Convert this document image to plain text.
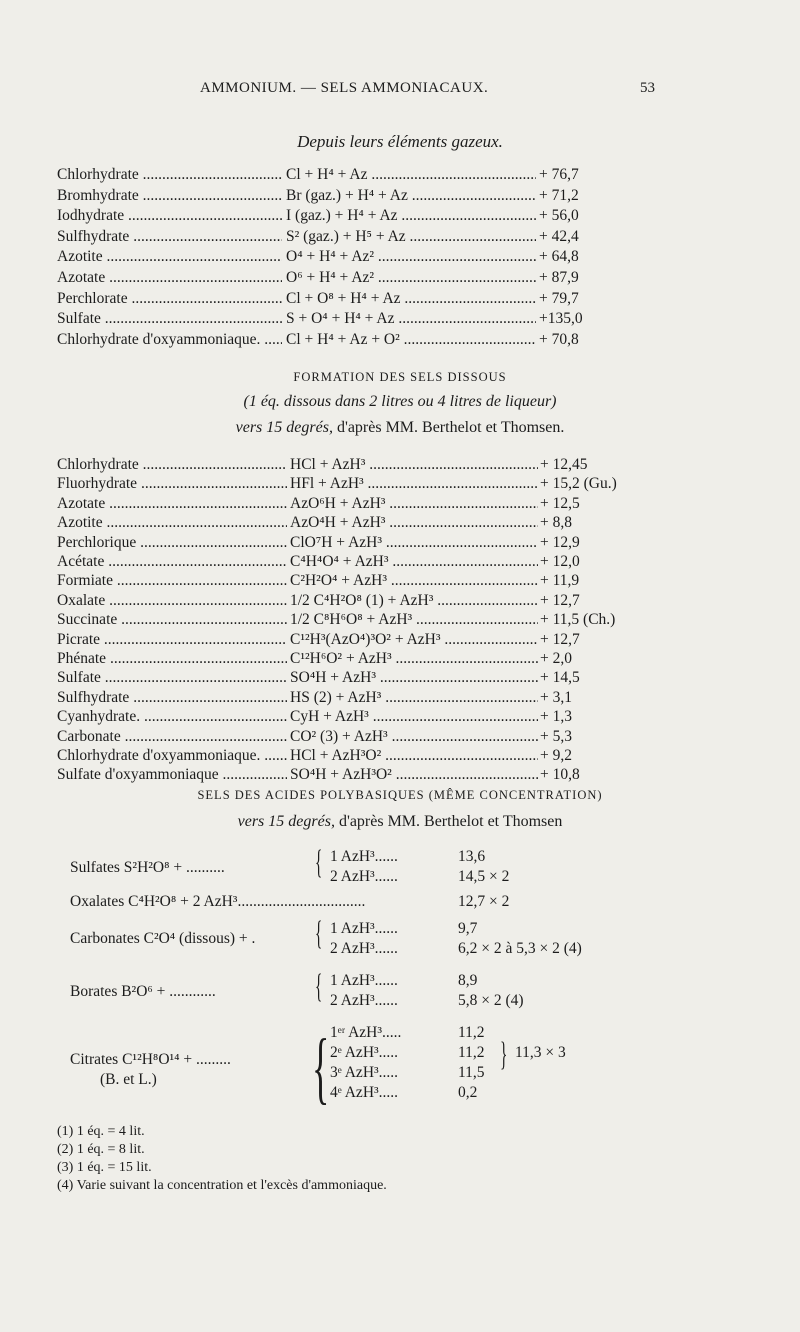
AMMONIUM. — SELS AMMONIACAUX.	53
Depuis leurs éléments gazeux.
Chlorhydrate .....	Cl + H⁴ + Az .....	+ 76,7
Bromhydrate .....	Br (gaz.) + H⁴ + Az .....	+ 71,2
Iodhydrate .....	I (gaz.) + H⁴ + Az .....	+ 56,0
Sulfhydrate .....	S² (gaz.) + H⁵ + Az .....	+ 42,4
Azotite .....	O⁴ + H⁴ + Az² .....	+ 64,8
Azotate .....	O⁶ + H⁴ + Az² .....	+ 87,9
Perchlorate .....	Cl + O⁸ + H⁴ + Az .....	+ 79,7
Sulfate .....	S + O⁴ + H⁴ + Az .....	+135,0
Chlorhydrate d'oxyammoniaque. .....	Cl + H⁴ + Az + O² .....	+ 70,8
FORMATION DES SELS DISSOUS
(1 éq. dissous dans 2 litres ou 4 litres de liqueur)
vers 15 degrés, d'après MM. Berthelot et Thomsen.
Chlorhydrate .....	HCl + AzH³ .....	+ 12,45
Fluorhydrate .....	HFl + AzH³ .....	+ 15,2 (Gu.)
Azotate .....	AzO⁶H + AzH³ .....	+ 12,5
Azotite .....	AzO⁴H + AzH³ .....	+ 8,8
Perchlorique .....	ClO⁷H + AzH³ .....	+ 12,9
Acétate .....	C⁴H⁴O⁴ + AzH³ .....	+ 12,0
Formiate .....	C²H²O⁴ + AzH³ .....	+ 11,9
Oxalate .....	1/2 C⁴H²O⁸ (1) + AzH³ .....	+ 12,7
Succinate .....	1/2 C⁸H⁶O⁸ + AzH³ .....	+ 11,5 (Ch.)
Picrate .....	C¹²H³(AzO⁴)³O² + AzH³ .....	+ 12,7
Phénate .....	C¹²H⁶O² + AzH³ .....	+ 2,0
Sulfate .....	SO⁴H + AzH³ .....	+ 14,5
Sulfhydrate .....	HS (2) + AzH³ .....	+ 3,1
Cyanhydrate. .....	CyH + AzH³ .....	+ 1,3
Carbonate .....	CO² (3) + AzH³ .....	+ 5,3
Chlorhydrate d'oxyammoniaque. .....	HCl + AzH³O² .....	+ 9,2
Sulfate d'oxyammoniaque .....	SO⁴H + AzH³O² .....	+ 10,8
SELS DES ACIDES POLYBASIQUES (MÊME CONCENTRATION)
vers 15 degrés, d'après MM. Berthelot et Thomsen
Sulfates S²H²O⁸ + ..........	{ 1 AzH³......	13,6
2 AzH³......	14,5 × 2
Oxalates C⁴H²O⁸ + 2 AzH³.................................	12,7 × 2
Carbonates C²O⁴ (dissous) + . { 1 AzH³......	9,7
2 AzH³......	6,2 × 2 à 5,3 × 2 (4)
Borates B²O⁶ + ............	{ 1 AzH³......	8,9
2 AzH³......	5,8 × 2 (4)
Citrates C¹²H⁸O¹⁴ + .........
(B. et L.) { 1ᵉʳ AzH³.....	11,2
2ᵉ AzH³.....	11,2
3ᵉ AzH³.....	11,5
4ᵉ AzH³.....	0,2
} 11,3 × 3
(1) 1 éq. = 4 lit.
(2) 1 éq. = 8 lit.
(3) 1 éq. = 15 lit.
(4) Varie suivant la concentration et l'excès d'ammoniaque.
